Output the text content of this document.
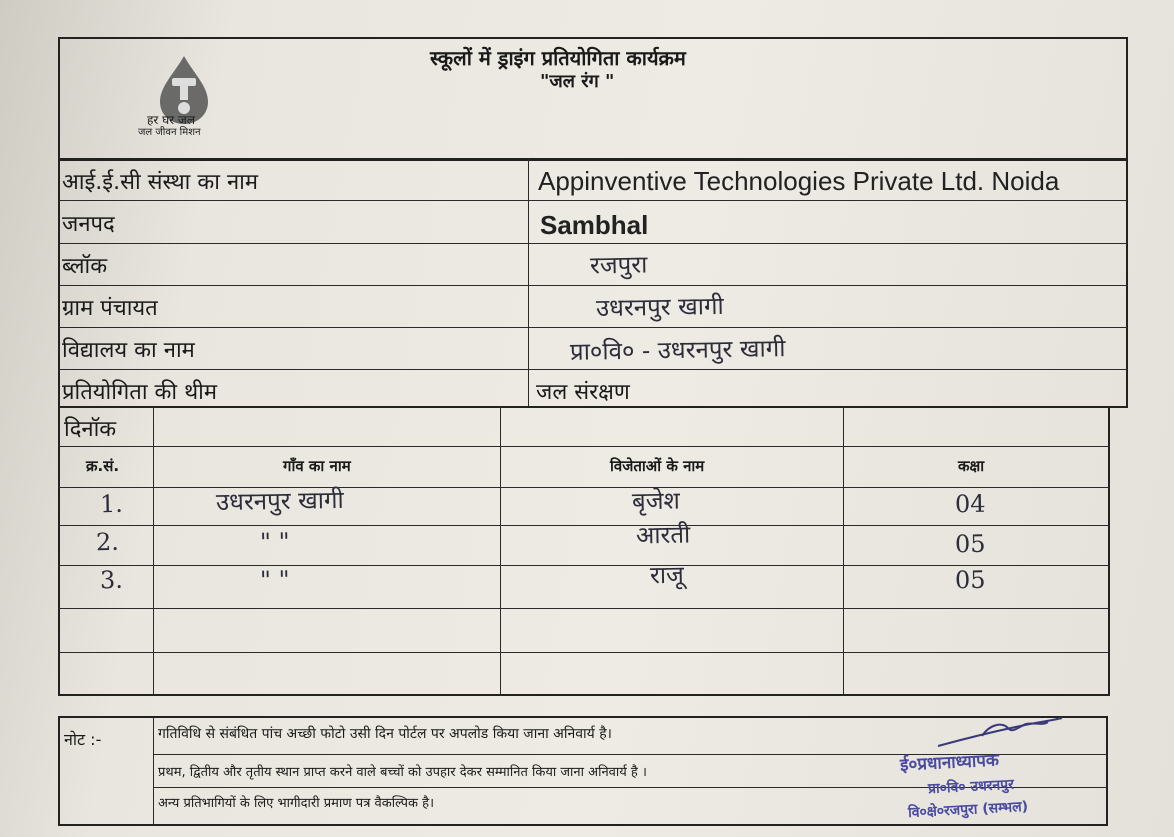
हर घर जल
जल जीवन मिशन
स्कूलों में ड्राइंग प्रतियोगिता कार्यक्रम
"जल रंग "
आई.ई.सी संस्था का नाम	Appinventive Technologies Private Ltd. Noida
जनपद	Sambhal
ब्लॉक	रजपुरा
ग्राम पंचायत	उधरनपुर खागी
विद्यालय का नाम	प्रा०वि० - उधरनपुर खागी
प्रतियोगिता की थीम	जल संरक्षण
दिनॉक
क्र.सं.	गाँव का नाम	विजेताओं के नाम	कक्षा
1.	उधरनपुर खागी	बृजेश	04
2.	" "	आरती	05
3.	" "	राजू	05
नोट :-	गतिविधि से संबंधित पांच अच्छी फोटो उसी दिन पोर्टल पर अपलोड किया जाना अनिवार्य है।
प्रथम, द्वितीय और तृतीय स्थान प्राप्त करने वाले बच्चों को उपहार देकर सम्मानित किया जाना अनिवार्य है ।
अन्य प्रतिभागियों के लिए भागीदारी प्रमाण पत्र वैकल्पिक है।
ई०प्रधानाध्यापक
प्रा०वि० उधरनपुर
वि०क्षे०रजपुरा (सम्भल)
